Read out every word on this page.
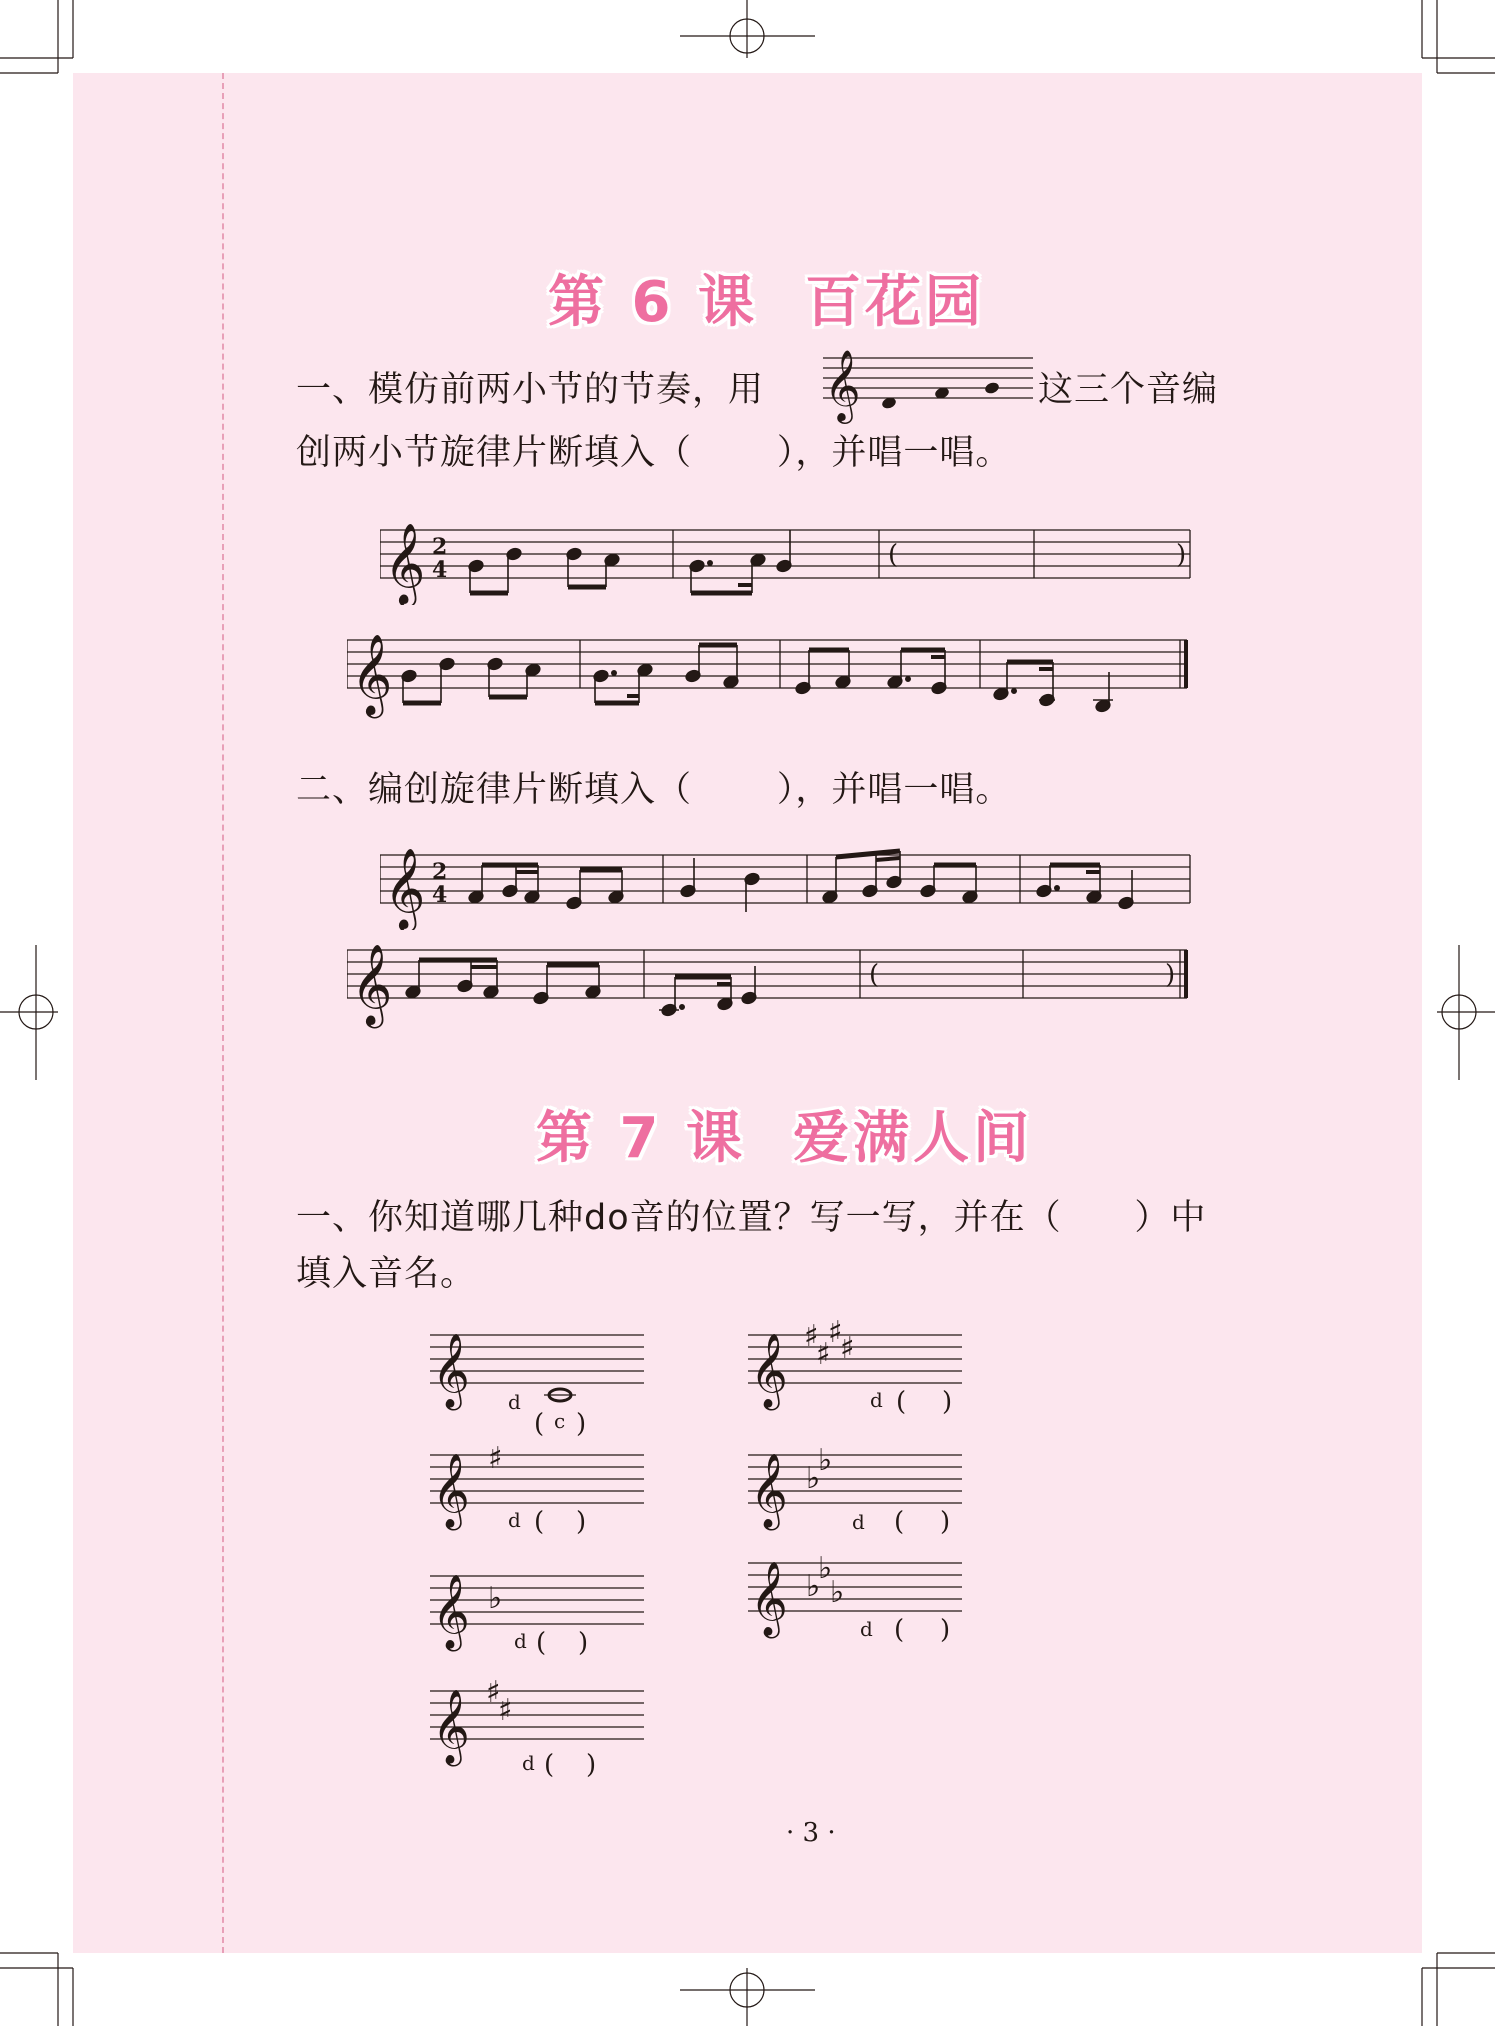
第 6 课  百花园
一、模仿前两小节的节奏，用 𝄞	这三个音编
创两小节旋律片断填入（       ），并唱一唱。
𝄞 2
4	(	)
𝄞
二、编创旋律片断填入（       ），并唱一唱。
𝄞 2
4
𝄞	(	)
第 7 课  爱满人间
一、你知道哪几种do音的位置？写一写，并在（      ）中
填入音名。
𝄞 d
( c )
𝄞 ♯
d ( )
𝄞 ♭
d ( )
𝄞 ♯
♯
d ( )
𝄞 ♯
♯
♯
♯
d ( )
𝄞 ♭
♭
d ( )
𝄞 ♭
♭
♭
d ( )
· 3 ·
